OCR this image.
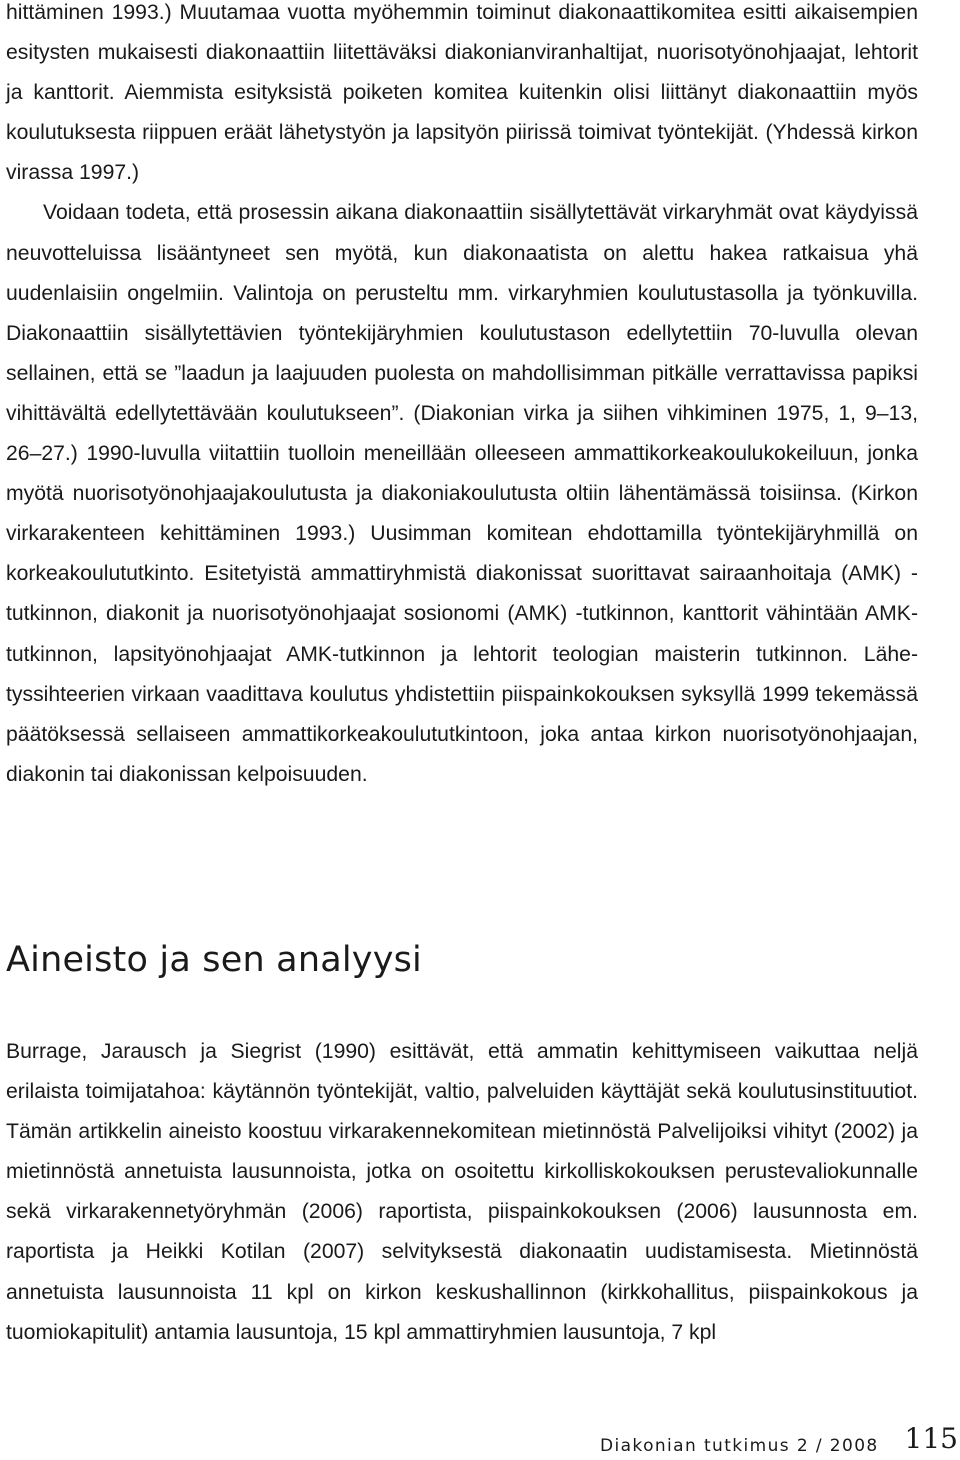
hittäminen 1993.) Muutamaa vuotta myöhemmin toiminut diakonaattikomitea esitti aikaisempien esitysten mukaisesti diakonaattiin liitettäväksi diakonianviranhaltijat, nuorisotyönohjaajat, lehtorit ja kanttorit. Aiemmista esityksistä poiketen komitea kuitenkin olisi liittänyt diakonaattiin myös koulutuksesta riippuen eräät lähetystyön ja lapsityön piirissä toimivat työntekijät. (Yhdessä kirkon virassa 1997.)

Voidaan todeta, että prosessin aikana diakonaattiin sisällytettävät virkaryhmät ovat käydyissä neuvotteluissa lisääntyneet sen myötä, kun diakonaatista on alettu hakea ratkaisua yhä uudenlaisiin ongelmiin. Valintoja on perusteltu mm. virkaryhmien koulutustasolla ja työnkuvilla. Diakonaattiin sisällytettävien työntekijäryhmien koulutustason edellytettiin 70-luvulla olevan sellainen, että se ”laadun ja laajuuden puolesta on mahdollisimman pitkälle verrattavissa papiksi vihittävältä edellytettävään koulutukseen”. (Diakonian virka ja siihen vihkiminen 1975, 1, 9–13, 26–27.) 1990-luvulla viitattiin tuolloin meneillään olleeseen ammattikorkeakoulukokeiluun, jonka myötä nuorisotyönohjaajakoulutusta ja diakoniakoulutusta oltiin lähentämässä toisiinsa. (Kirkon virkarakenteen kehittäminen 1993.) Uusimman komitean ehdottamilla työntekijäryhmillä on korkeakoulututkinto. Esitetyistä ammattiryhmistä diakonissat suorittavat sairaanhoitaja (AMK) -tutkinnon, diakonit ja nuorisotyönohjaajat sosionomi (AMK) -tutkinnon, kanttorit vähintään AMK-tutkinnon, lapsityönohjaajat AMK-tutkinnon ja lehtorit teologian maisterin tutkinnon. Lähetyssihteerien virkaan vaadittava koulutus yhdistettiin piispainkokouksen syksyllä 1999 tekemässä päätöksessä sellaiseen ammattikorkeakoulututkintoon, joka antaa kirkon nuorisotyönohjaajan, diakonin tai diakonissan kelpoisuuden.

Aineisto ja sen analyysi

Burrage, Jarausch ja Siegrist (1990) esittävät, että ammatin kehittymiseen vaikuttaa neljä erilaista toimijatahoa: käytännön työntekijät, valtio, palveluiden käyttäjät sekä koulutusinstituutiot. Tämän artikkelin aineisto koostuu virkarakennekomitean mietinnöstä Palvelijoiksi vihityt (2002) ja mietinnöstä annetuista lausunnoista, jotka on osoitettu kirkolliskokouksen perustevaliokunnalle sekä virkarakennetyöryhmän (2006) raportista, piispainkokouksen (2006) lausunnosta em. raportista ja Heikki Kotilan (2007) selvityksestä diakonaatin uudistamisesta. Mietinnöstä annetuista lausunnoista 11 kpl on kirkon keskushallinnon (kirkkohallitus, piispainkokous ja tuomiokapitulit) antamia lausuntoja, 15 kpl ammattiryhmien lausuntoja, 7 kpl

Diakonian tutkimus 2 / 2008 115
